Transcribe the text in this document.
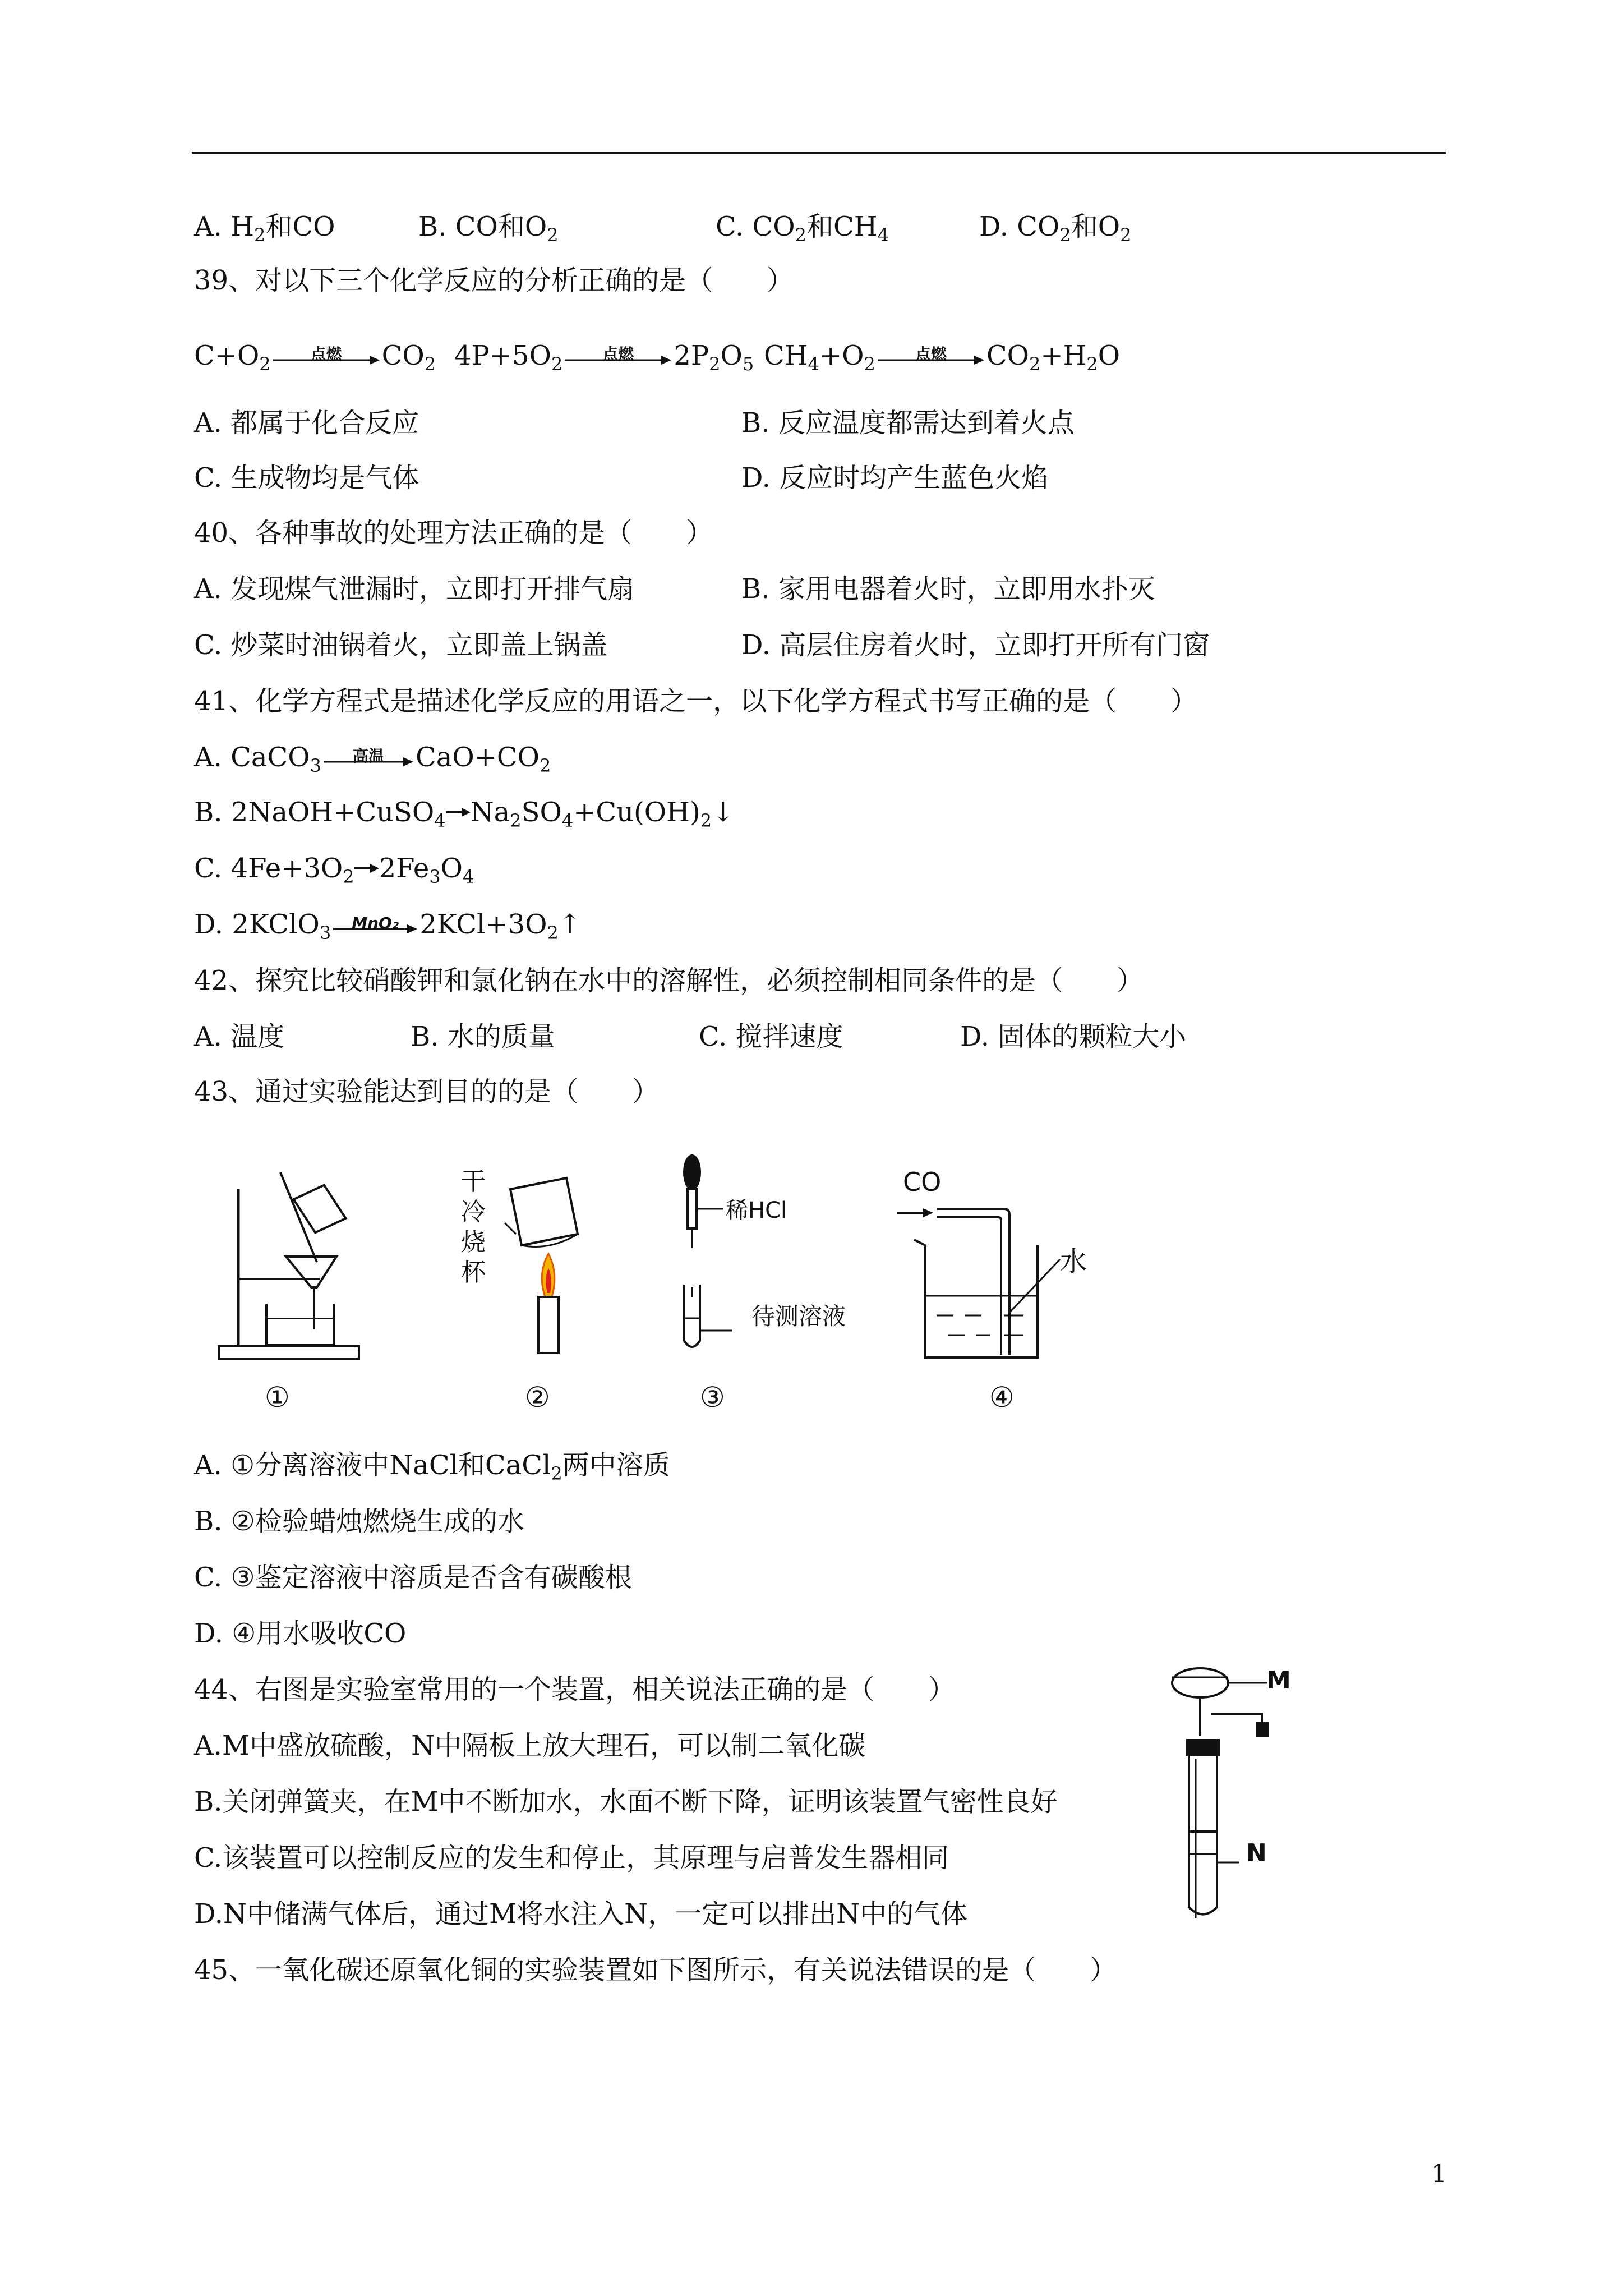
A. $H_2$和CO	B. CO和$O_2$	C. $CO_2$和$CH_4$	D. $CO_2$和$O_2$
39、对以下三个化学反应的分析正确的是（　　）
$C+O_2$	点燃	$CO_2$ $4P+5O_2$	点燃	$2P_2O_5$ $CH_4+O_2$	点燃	$CO_2+H_2O$
A. 都属于化合反应	B. 反应温度都需达到着火点
C. 生成物均是气体	D. 反应时均产生蓝色火焰
40、各种事故的处理方法正确的是（　　）
A. 发现煤气泄漏时，立即打开排气扇	B. 家用电器着火时，立即用水扑灭
C. 炒菜时油锅着火，立即盖上锅盖	D. 高层住房着火时，立即打开所有门窗
41、化学方程式是描述化学反应的用语之一，以下化学方程式书写正确的是（　　）
A. CaCO$_3$	高温	$CaO+CO_2$
B. 2NaOH+CuSO$_4$ $Na_2SO_4+Cu(OH)_2↓$
C. $4Fe+3O_2$ $2Fe_3O_4$
D. 2KClO$_3$	MnO₂ $2KCl+3O_2↑$
42、探究比较硝酸钾和氯化钠在水中的溶解性，必须控制相同条件的是（　　）
A. 温度	B. 水的质量	C. 搅拌速度	D. 固体的颗粒大小
43、通过实验能达到目的的是（　　）
干冷烧杯
稀HCl
待测溶液
CO
水
①	②	③	④
A. ①分离溶液中NaCl和CaCl$_2$两中溶质
B. ②检验蜡烛燃烧生成的水
C. ③鉴定溶液中溶质是否含有碳酸根
D. ④用水吸收CO
44、右图是实验室常用的一个装置，相关说法正确的是（　　）
A.M中盛放硫酸，N中隔板上放大理石，可以制二氧化碳
B.关闭弹簧夹，在M中不断加水，水面不断下降，证明该装置气密性良好
C.该装置可以控制反应的发生和停止，其原理与启普发生器相同
D.N中储满气体后，通过M将水注入N，一定可以排出N中的气体
M
N
45、一氧化碳还原氧化铜的实验装置如下图所示，有关说法错误的是（　　）
1
